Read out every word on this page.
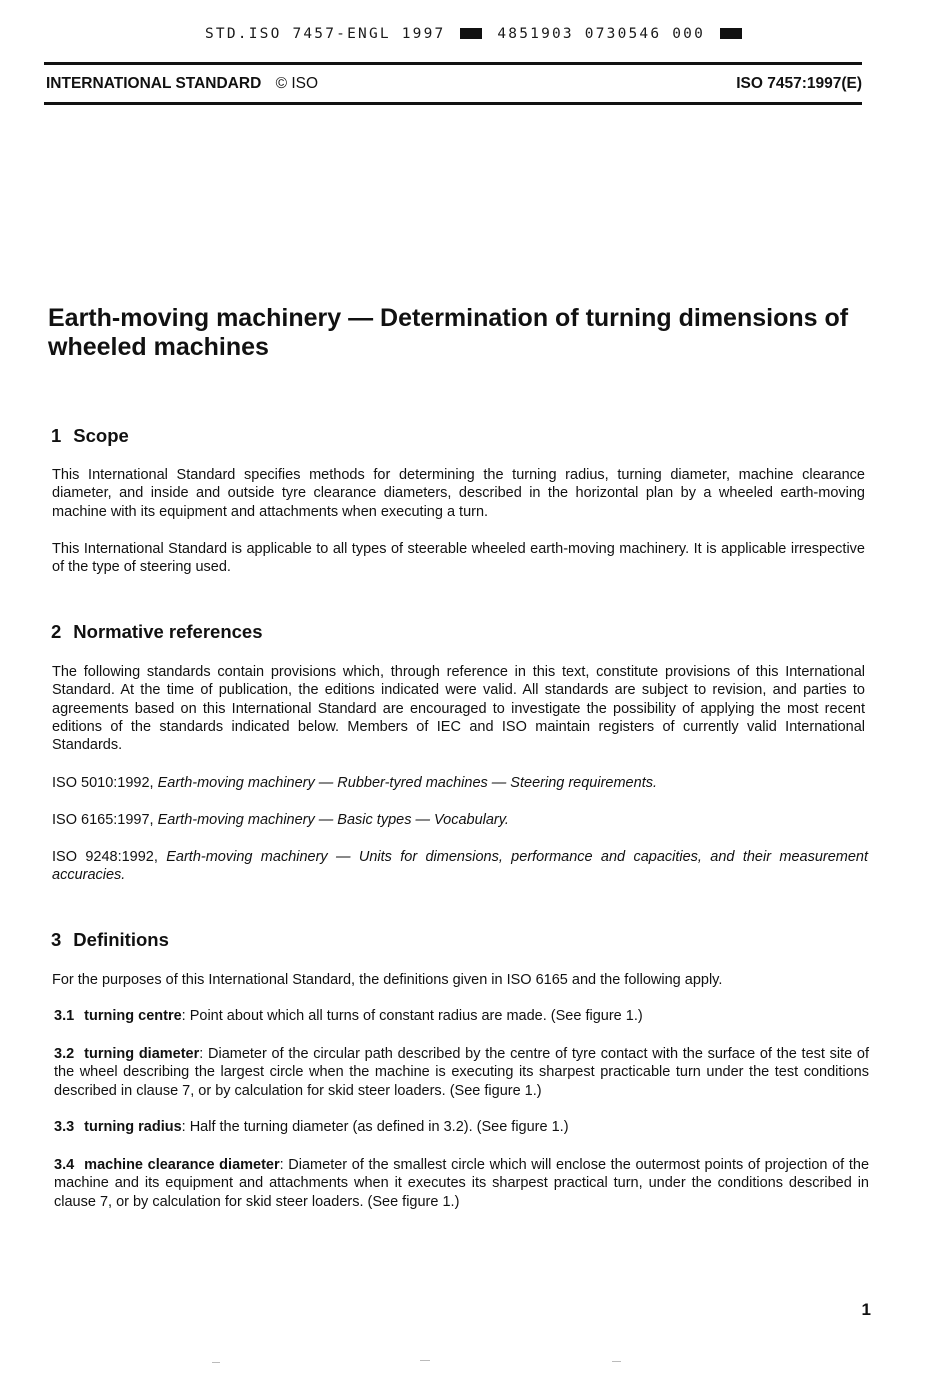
STD.ISO 7457-ENGL 1997	4851903 0730546 000
INTERNATIONAL STANDARD © ISO	ISO 7457:1997(E)
Earth-moving machinery — Determination of turning dimensions of wheeled machines
1 Scope

This International Standard specifies methods for determining the turning radius, turning diameter, machine clearance diameter, and inside and outside tyre clearance diameters, described in the horizontal plan by a wheeled earth-moving machine with its equipment and attachments when executing a turn.

This International Standard is applicable to all types of steerable wheeled earth-moving machinery. It is applicable irrespective of the type of steering used.

2 Normative references

The following standards contain provisions which, through reference in this text, constitute provisions of this International Standard. At the time of publication, the editions indicated were valid. All standards are subject to revision, and parties to agreements based on this International Standard are encouraged to investigate the possibility of applying the most recent editions of the standards indicated below. Members of IEC and ISO maintain registers of currently valid International Standards.

ISO 5010:1992, Earth-moving machinery — Rubber-tyred machines — Steering requirements.

ISO 6165:1997, Earth-moving machinery — Basic types — Vocabulary.

ISO 9248:1992, Earth-moving machinery — Units for dimensions, performance and capacities, and their measurement accuracies.

3 Definitions

For the purposes of this International Standard, the definitions given in ISO 6165 and the following apply.

3.1 turning centre: Point about which all turns of constant radius are made. (See figure 1.)

3.2 turning diameter: Diameter of the circular path described by the centre of tyre contact with the surface of the test site of the wheel describing the largest circle when the machine is executing its sharpest practicable turn under the test conditions described in clause 7, or by calculation for skid steer loaders. (See figure 1.)

3.3 turning radius: Half the turning diameter (as defined in 3.2). (See figure 1.)

3.4 machine clearance diameter: Diameter of the smallest circle which will enclose the outermost points of projection of the machine and its equipment and attachments when it executes its sharpest practical turn, under the conditions described in clause 7, or by calculation for skid steer loaders. (See figure 1.)

1
